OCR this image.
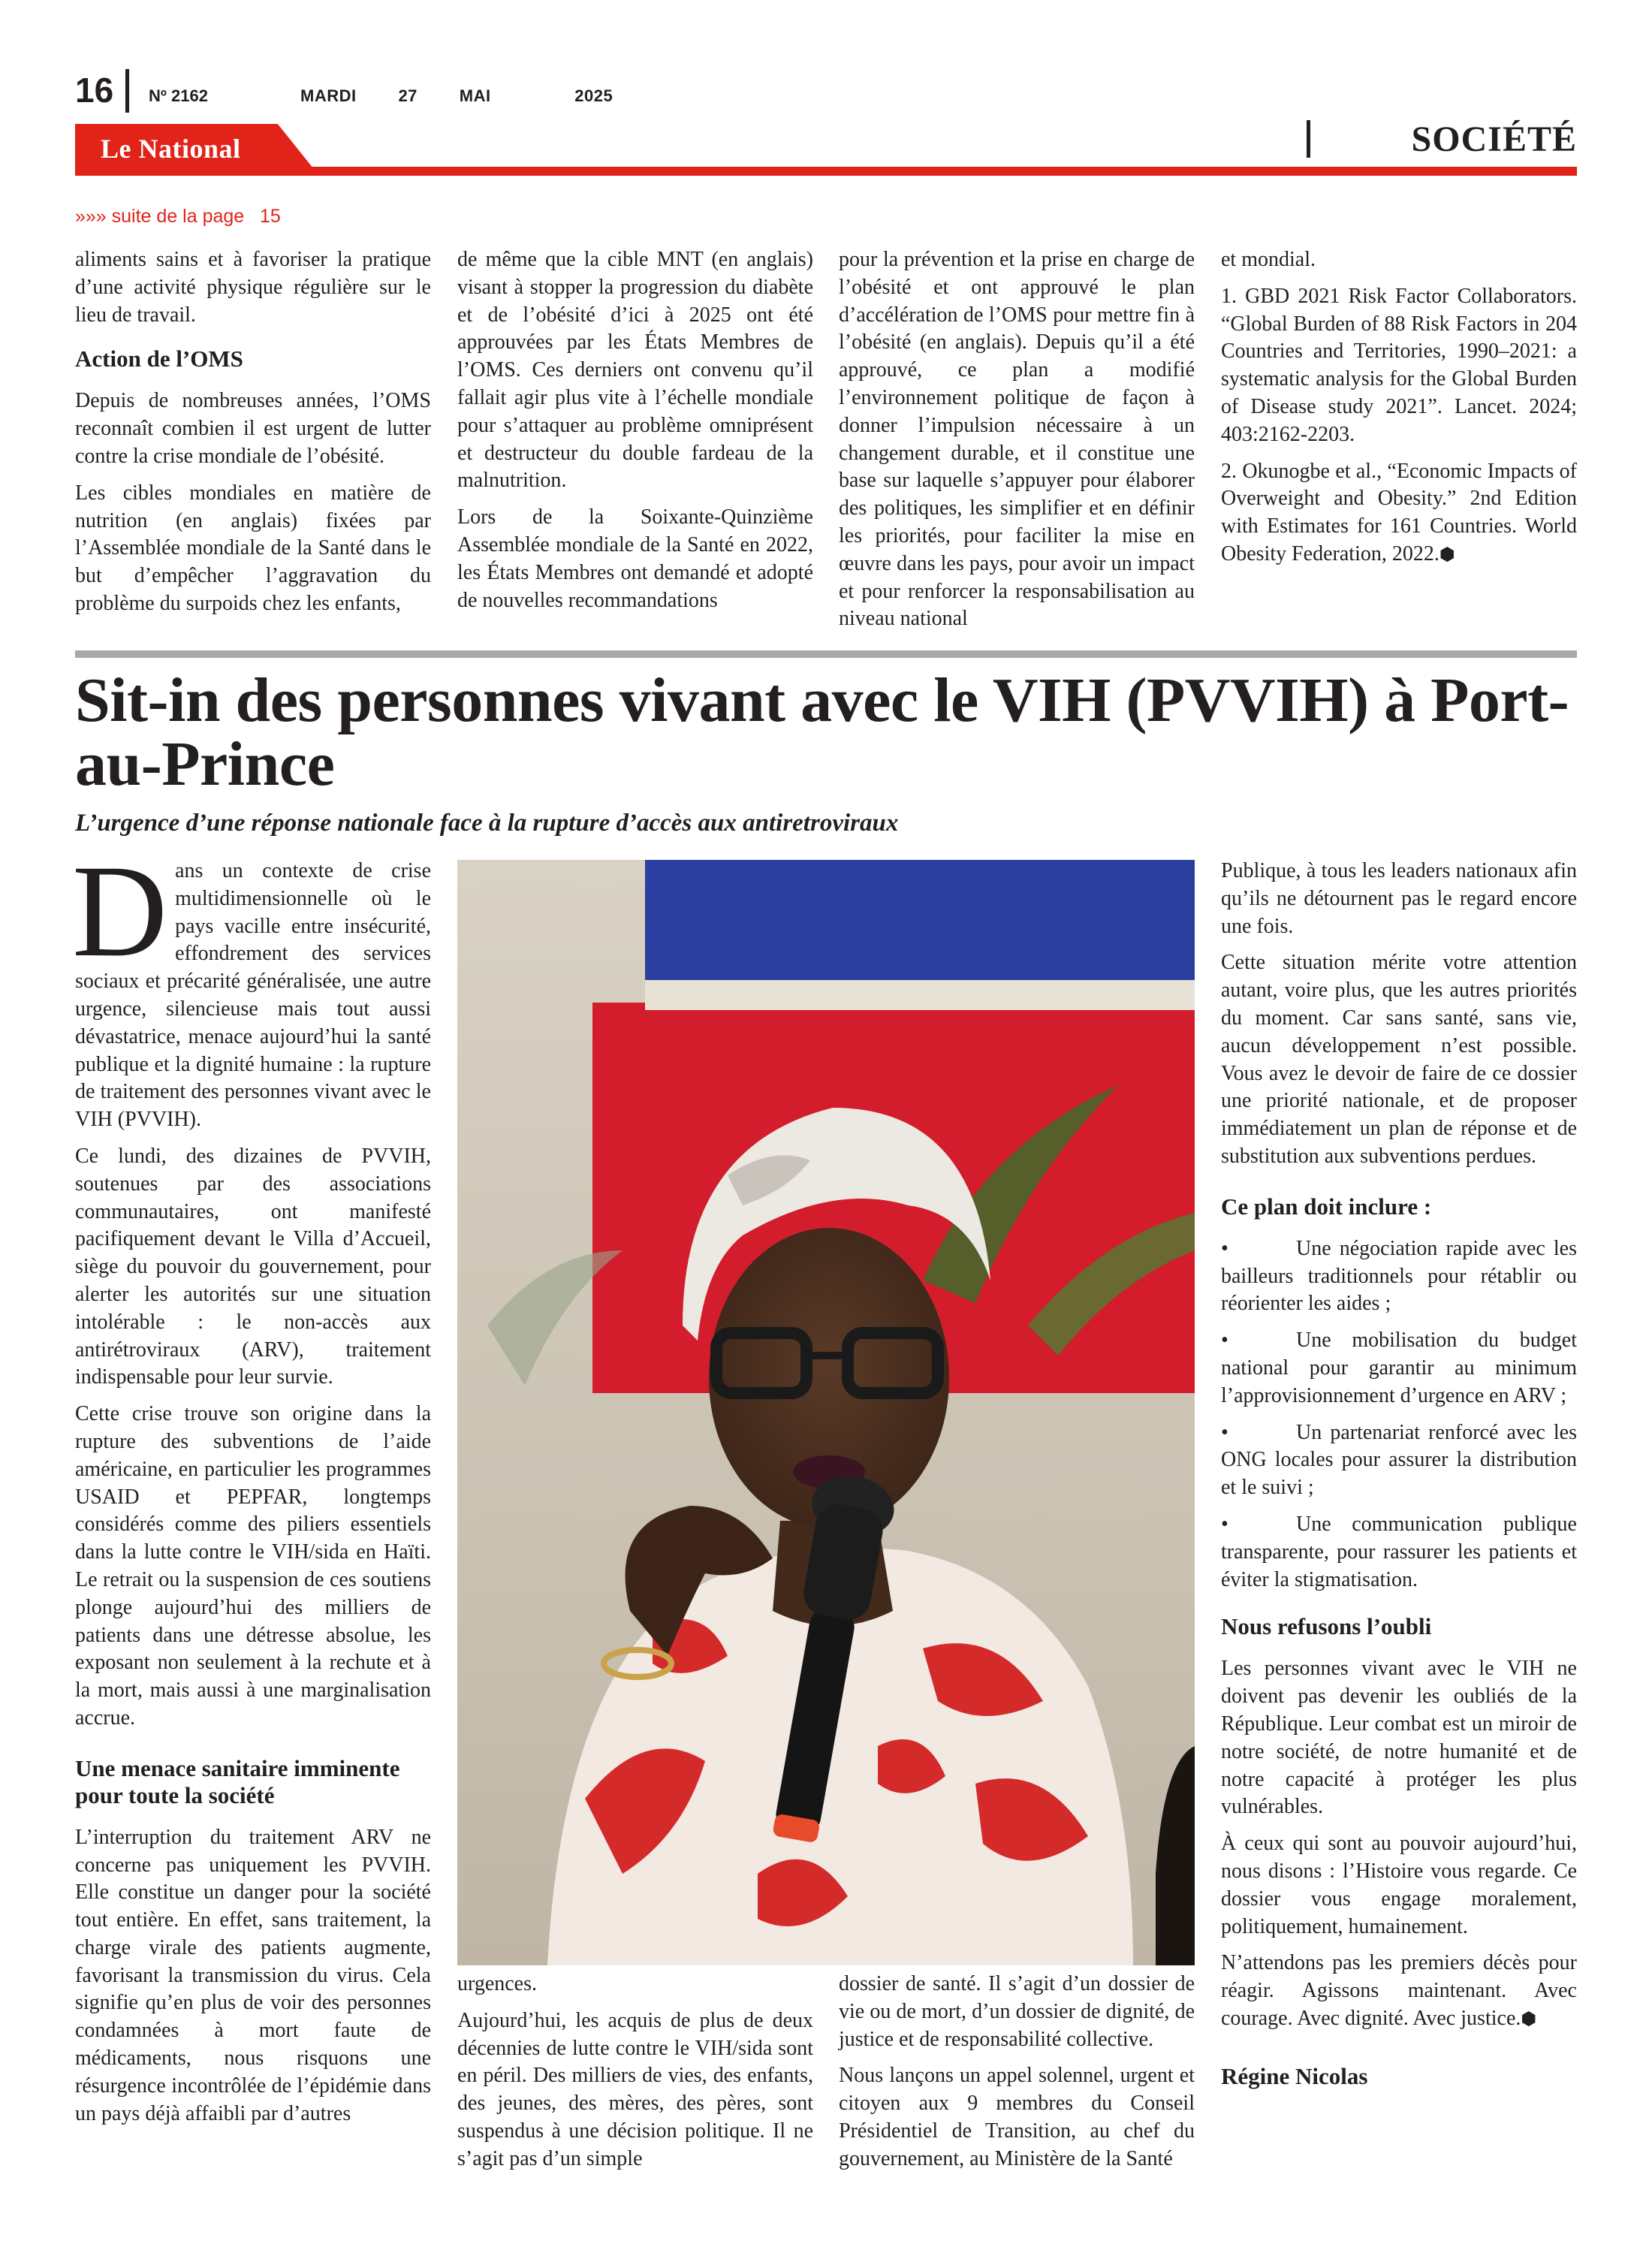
16 Nº 2162	MARDI   27   MAI      2025
Le National	SOCIÉTÉ
»»» suite de la page   15

aliments sains et à favoriser la pratique d’une activité physique régulière sur le lieu de travail.

Action de l’OMS

Depuis de nombreuses années, l’OMS reconnaît combien il est urgent de lutter contre la crise mondiale de l’obésité.

Les cibles mondiales en matière de nutrition (en anglais) fixées par l’Assemblée mondiale de la Santé dans le but d’empêcher l’aggravation du problème du surpoids chez les enfants,

de même que la cible MNT (en anglais) visant à stopper la progression du diabète et de l’obésité d’ici à 2025 ont été approuvées par les États Membres de l’OMS. Ces derniers ont convenu qu’il fallait agir plus vite à l’échelle mondiale pour s’attaquer au problème omniprésent et destructeur du double fardeau de la malnutrition.

Lors de la Soixante-Quinzième Assemblée mondiale de la Santé en 2022, les États Membres ont demandé et adopté de nouvelles recommandations

pour la prévention et la prise en charge de l’obésité et ont approuvé le plan d’accélération de l’OMS pour mettre fin à l’obésité (en anglais). Depuis qu’il a été approuvé, ce plan a modifié l’environnement politique de façon à donner l’impulsion nécessaire à un changement durable, et il constitue une base sur laquelle s’appuyer pour élaborer des politiques, les simplifier et en définir les priorités, pour faciliter la mise en œuvre dans les pays, pour avoir un impact et pour renforcer la responsabilisation au niveau national

et mondial.

1. GBD 2021 Risk Factor Collaborators. “Global Burden of 88 Risk Factors in 204 Countries and Territories, 1990–2021: a systematic analysis for the Global Burden of Disease study 2021”. Lancet. 2024; 403:2162-2203.

2. Okunogbe et al., “Economic Impacts of Overweight and Obesity.” 2nd Edition with Estimates for 161 Countries. World Obesity Federation, 2022.⬢

Sit-in des personnes vivant avec le VIH (PVVIH) à Port-au-Prince
L’urgence d’une réponse nationale face à la rupture d’accès aux antiretroviraux

Dans un contexte de crise multidimensionnelle où le pays vacille entre insécurité, effondrement des services sociaux et précarité généralisée, une autre urgence, silencieuse mais tout aussi dévastatrice, menace aujourd’hui la santé publique et la dignité humaine : la rupture de traitement des personnes vivant avec le VIH (PVVIH).

Ce lundi, des dizaines de PVVIH, soutenues par des associations communautaires, ont manifesté pacifiquement devant le Villa d’Accueil, siège du pouvoir du gouvernement, pour alerter les autorités sur une situation intolérable : le non-accès aux antirétroviraux (ARV), traitement indispensable pour leur survie.

Cette crise trouve son origine dans la rupture des subventions de l’aide américaine, en particulier les programmes USAID et PEPFAR, longtemps considérés comme des piliers essentiels dans la lutte contre le VIH/sida en Haïti. Le retrait ou la suspension de ces soutiens plonge aujourd’hui des milliers de patients dans une détresse absolue, les exposant non seulement à la rechute et à la mort, mais aussi à une marginalisation accrue.

Une menace sanitaire imminente pour toute la société

L’interruption du traitement ARV ne concerne pas uniquement les PVVIH. Elle constitue un danger pour la société tout entière. En effet, sans traitement, la charge virale des patients augmente, favorisant la transmission du virus. Cela signifie qu’en plus de voir des personnes condamnées à mort faute de médicaments, nous risquons une résurgence incontrôlée de l’épidémie dans un pays déjà affaibli par d’autres

urgences.

Aujourd’hui, les acquis de plus de deux décennies de lutte contre le VIH/sida sont en péril. Des milliers de vies, des enfants, des jeunes, des mères, des pères, sont suspendus à une décision politique. Il ne s’agit pas d’un simple

dossier de santé. Il s’agit d’un dossier de vie ou de mort, d’un dossier de dignité, de justice et de responsabilité collective.

Nous lançons un appel solennel, urgent et citoyen aux 9 membres du Conseil Présidentiel de Transition, au chef du gouvernement, au Ministère de la Santé

Publique, à tous les leaders nationaux afin qu’ils ne détournent pas le regard encore une fois.

Cette situation mérite votre attention autant, voire plus, que les autres priorités du moment. Car sans santé, sans vie, aucun développement n’est possible. Vous avez le devoir de faire de ce dossier une priorité nationale, et de proposer immédiatement un plan de réponse et de substitution aux subventions perdues.

Ce plan doit inclure :
•	Une négociation rapide avec les bailleurs traditionnels pour rétablir ou réorienter les aides ;
•	Une mobilisation du budget national pour garantir au minimum l’approvisionnement d’urgence en ARV ;
•	Un partenariat renforcé avec les ONG locales pour assurer la distribution et le suivi ;
•	Une communication publique transparente, pour rassurer les patients et éviter la stigmatisation.
Nous refusons l’oubli

Les personnes vivant avec le VIH ne doivent pas devenir les oubliés de la République. Leur combat est un miroir de notre société, de notre humanité et de notre capacité à protéger les plus vulnérables.

À ceux qui sont au pouvoir aujourd’hui, nous disons : l’Histoire vous regarde. Ce dossier vous engage moralement, politiquement, humainement.

N’attendons pas les premiers décès pour réagir. Agissons maintenant. Avec courage. Avec dignité. Avec justice.⬢

Régine Nicolas
